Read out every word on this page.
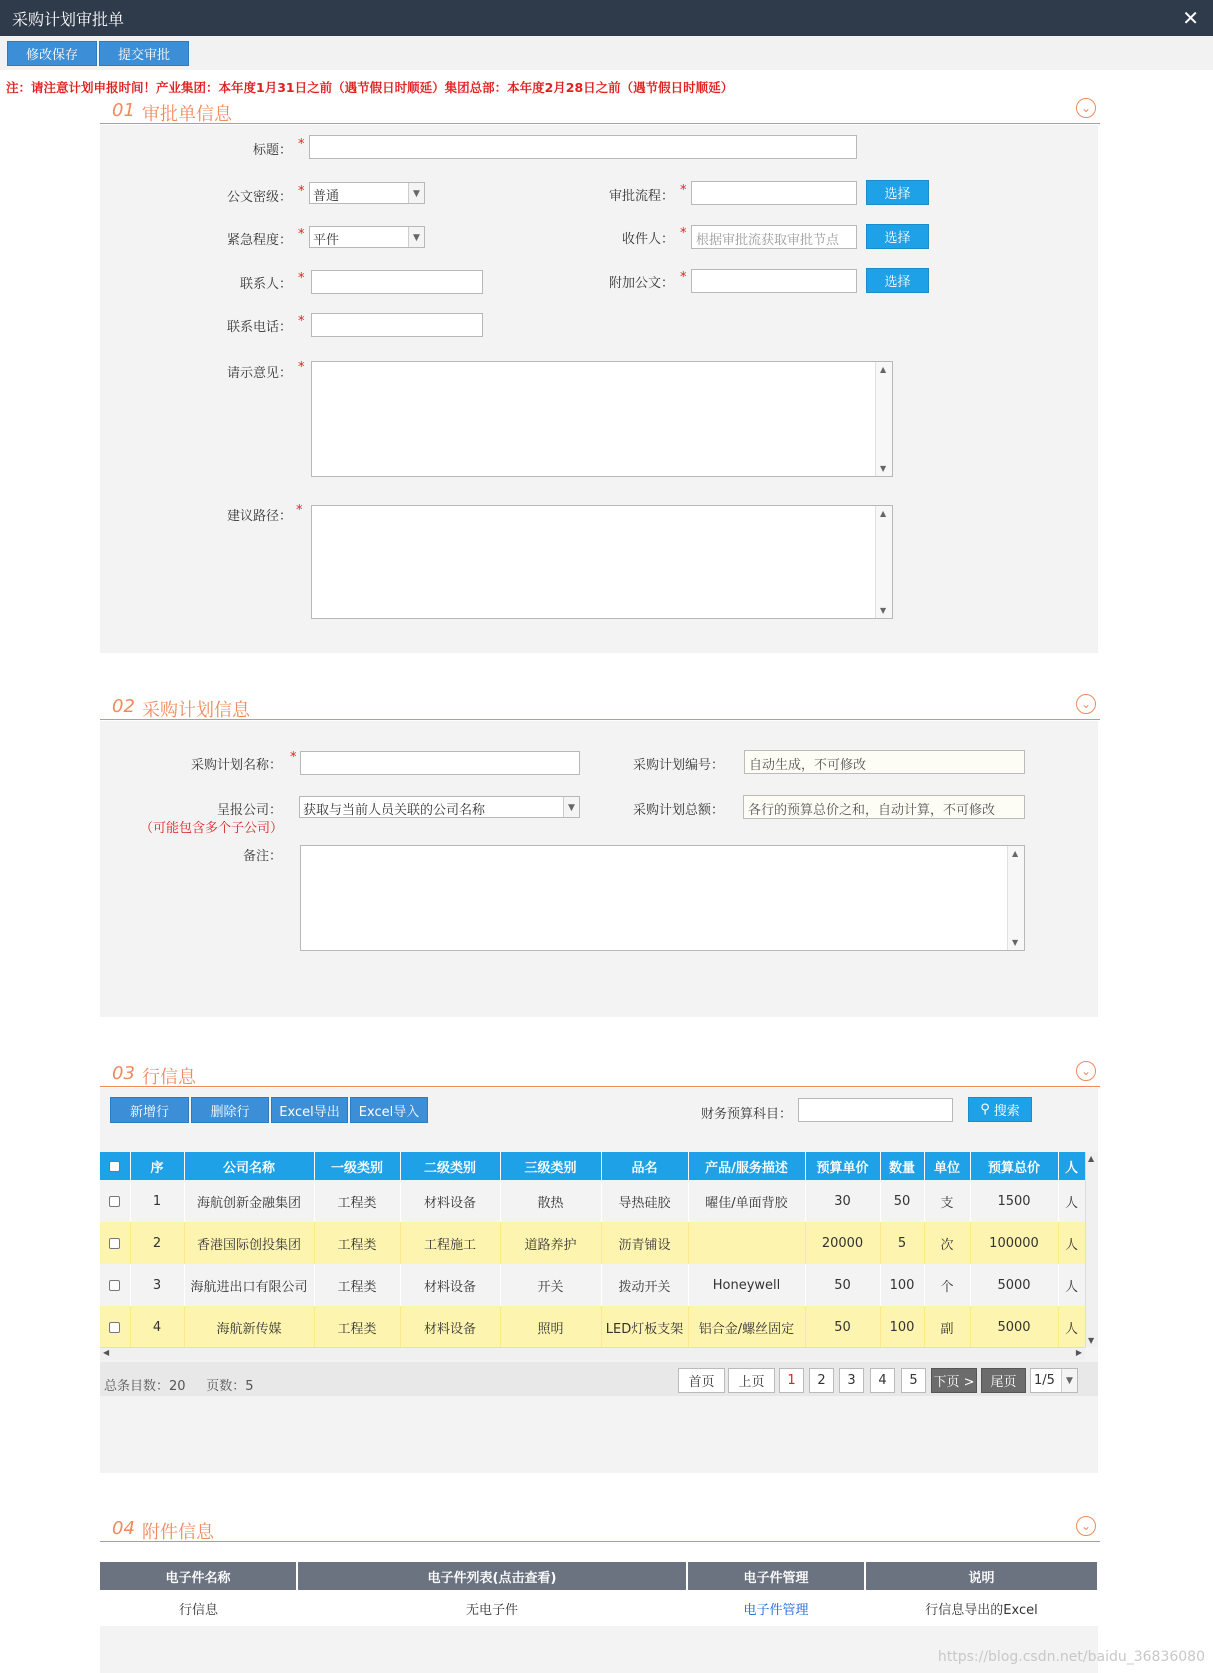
采购计划审批单	✕
修改保存	提交审批
注：请注意计划申报时间！产业集团：本年度1月31日之前（遇节假日时顺延）集团总部：本年度2月28日之前（遇节假日时顺延）
01 审批单信息	⌄
标题： *
公文密级： * 普通	▼
紧急程度： * 平件	▼
联系人： *
联系电话： *
审批流程： *	选择
收件人： * 根据审批流获取审批节点	选择
附加公文： *	选择
请示意见： *	▲
▼
建议路径： *	▲
▼
02 采购计划信息	⌄
采购计划名称：
*
采购计划编号：	自动生成，不可修改
呈报公司：
（可能包含多个子公司）
获取与当前人员关联的公司名称	▼	采购计划总额：	各行的预算总价之和，自动计算，不可修改
备注：	▲
▼
03 行信息	⌄
新增行	删除行	Excel导出	Excel导入	财务预算科目：	⚲ 搜索
	序	公司名称	一级类别	二级类别	三级类别	品名	产品/服务描述	预算单价	数量	单位	预算总价	人
	1	海航创新金融集团	工程类	材料设备	散热	导热硅胶	曜佳/单面背胶	30	50	支	1500	人
	2	香港国际创投集团	工程类	工程施工	道路养护	沥青铺设		20000	5	次	100000	人
	3	海航进出口有限公司	工程类	材料设备	开关	拨动开关	Honeywell	50	100	个	5000	人
	4	海航新传媒	工程类	材料设备	照明	LED灯板支架	铝合金/螺丝固定	50	100	副	5000	人
▲
▼
◀	▶
总条目数：20 页数：5	首页	上页	1	2	3	4	5	下页 >	尾页	1/5	▼
04 附件信息	⌄
电子件名称	电子件列表(点击查看)	电子件管理	说明
行信息	无电子件	电子件管理	行信息导出的Excel
https://blog.csdn.net/baidu_36836080
